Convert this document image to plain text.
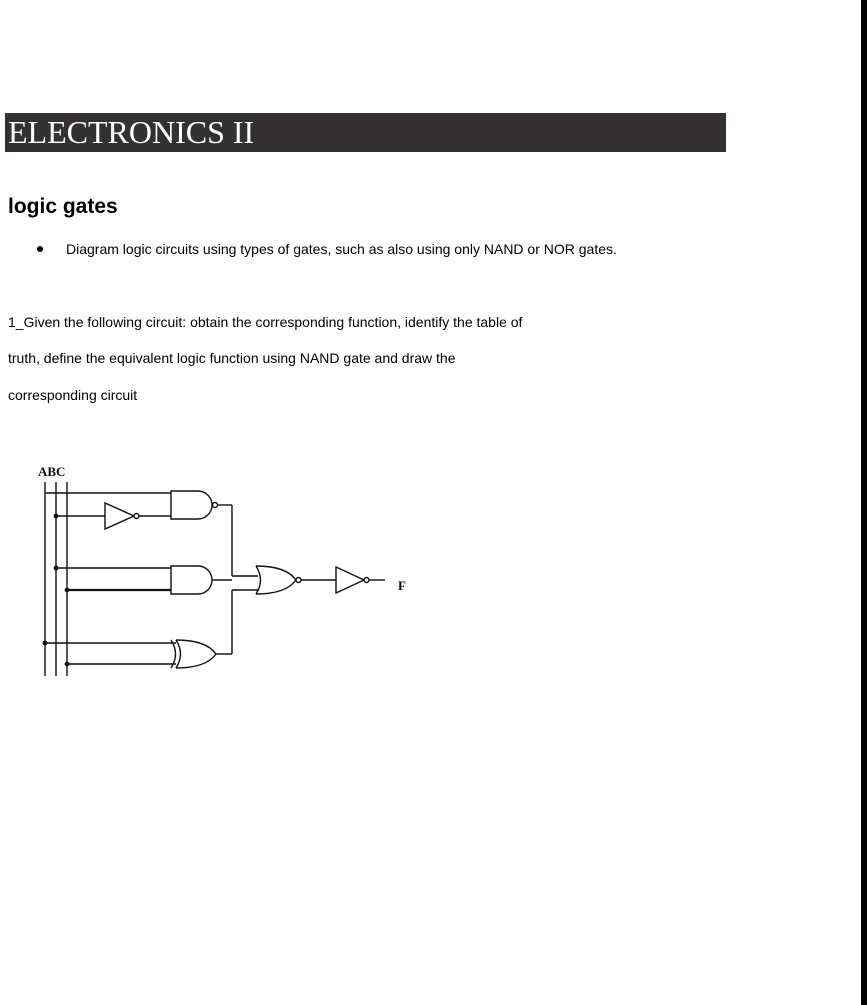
ELECTRONICS II
logic gates
Diagram logic circuits using types of gates, such as also using only NAND or NOR gates.
1_Given the following circuit: obtain the corresponding function, identify the table of
truth, define the equivalent logic function using NAND gate and draw the
corresponding circuit
ABC
F
